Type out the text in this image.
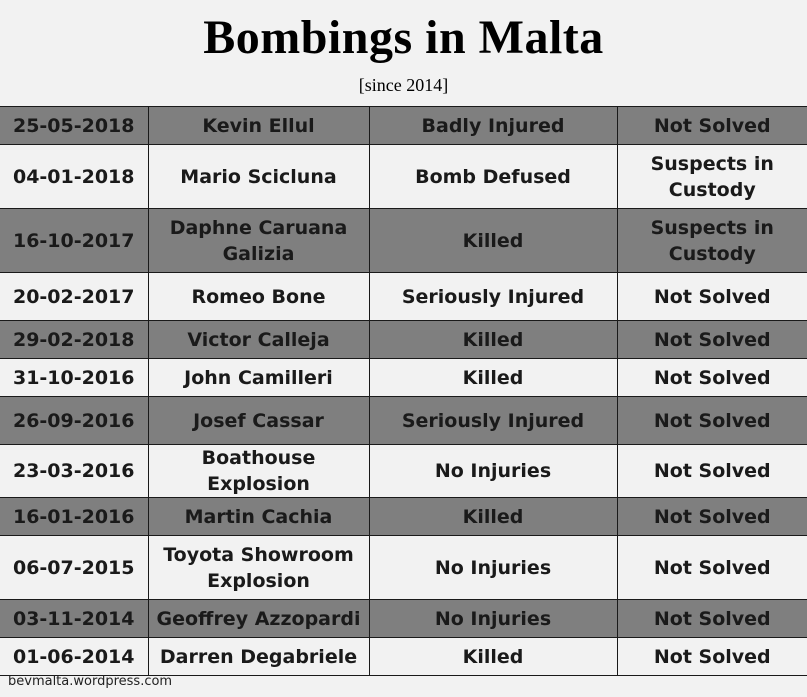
Bombings in Malta
[since 2014]
25-05-2018	Kevin Ellul	Badly Injured	Not Solved
04-01-2018	Mario Scicluna	Bomb Defused	Suspects in Custody
16-10-2017	Daphne Caruana Galizia	Killed	Suspects in Custody
20-02-2017	Romeo Bone	Seriously Injured	Not Solved
29-02-2018	Victor Calleja	Killed	Not Solved
31-10-2016	John Camilleri	Killed	Not Solved
26-09-2016	Josef Cassar	Seriously Injured	Not Solved
23-03-2016	Boathouse Explosion	No Injuries	Not Solved
16-01-2016	Martin Cachia	Killed	Not Solved
06-07-2015	Toyota Showroom Explosion	No Injuries	Not Solved
03-11-2014	Geoffrey Azzopardi	No Injuries	Not Solved
01-06-2014	Darren Degabriele	Killed	Not Solved
bevmalta.wordpress.com
